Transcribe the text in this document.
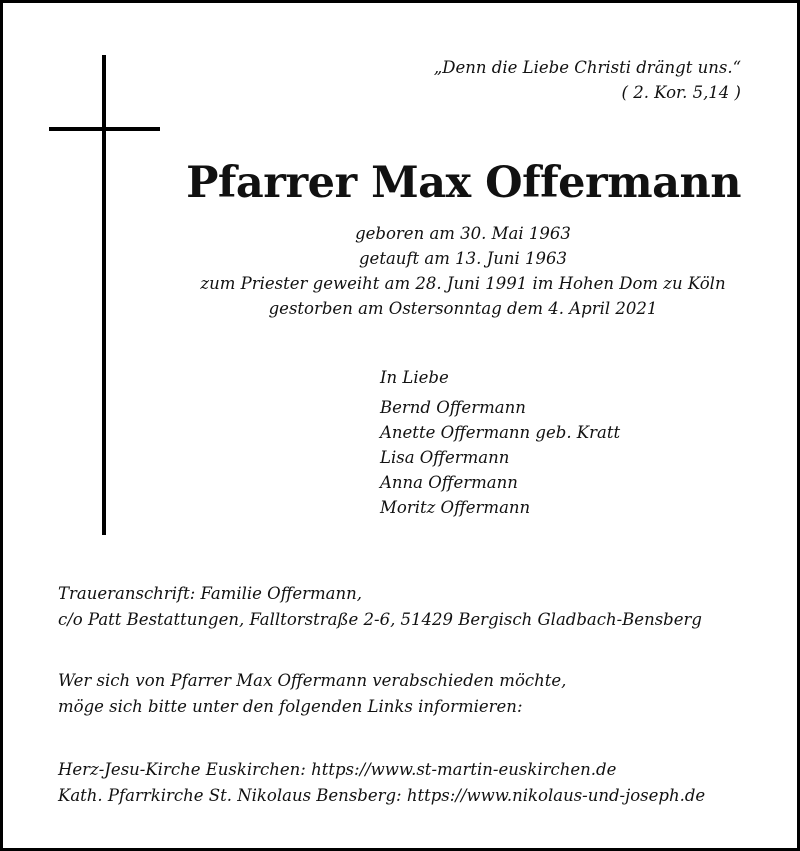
„Denn die Liebe Christi drängt uns.“
( 2. Kor. 5,14 )
Pfarrer Max Offermann
geboren am 30. Mai 1963
getauft am 13. Juni 1963
zum Priester geweiht am 28. Juni 1991 im Hohen Dom zu Köln
gestorben am Ostersonntag dem 4. April 2021
In Liebe
Bernd Offermann
Anette Offermann geb. Kratt
Lisa Offermann
Anna Offermann
Moritz Offermann
Traueranschrift: Familie Offermann,
c/o Patt Bestattungen, Falltorstraße 2-6, 51429 Bergisch Gladbach-Bensberg
Wer sich von Pfarrer Max Offermann verabschieden möchte,
möge sich bitte unter den folgenden Links informieren:
Herz-Jesu-Kirche Euskirchen: https://www.st-martin-euskirchen.de
Kath. Pfarrkirche St. Nikolaus Bensberg: https://www.nikolaus-und-joseph.de
